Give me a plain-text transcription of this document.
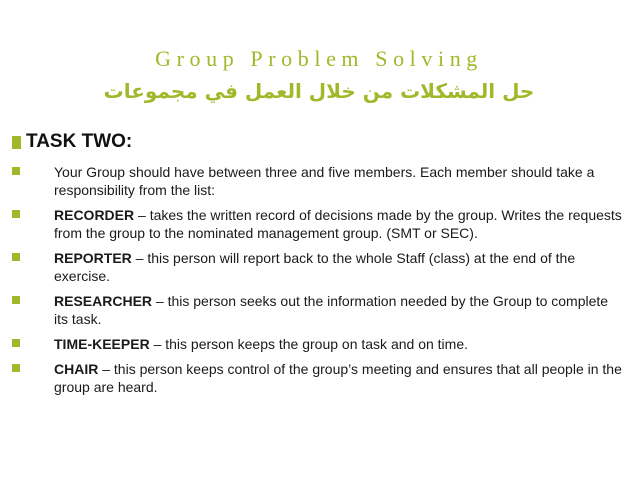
Group Problem Solving
حل المشكلات من خلال العمل في مجموعات
TASK TWO:
Your Group should have between three and five members. Each member should take a responsibility from the list:
RECORDER – takes the written record of decisions made by the group. Writes the requests from the group to the nominated management group. (SMT or SEC).
REPORTER – this person will report back to the whole Staff (class) at the end of the exercise.
RESEARCHER – this person seeks out the information needed by the Group to complete its task.
TIME-KEEPER – this person keeps the group on task and on time.
CHAIR – this person keeps control of the group’s meeting and ensures that all people in the group are heard.
